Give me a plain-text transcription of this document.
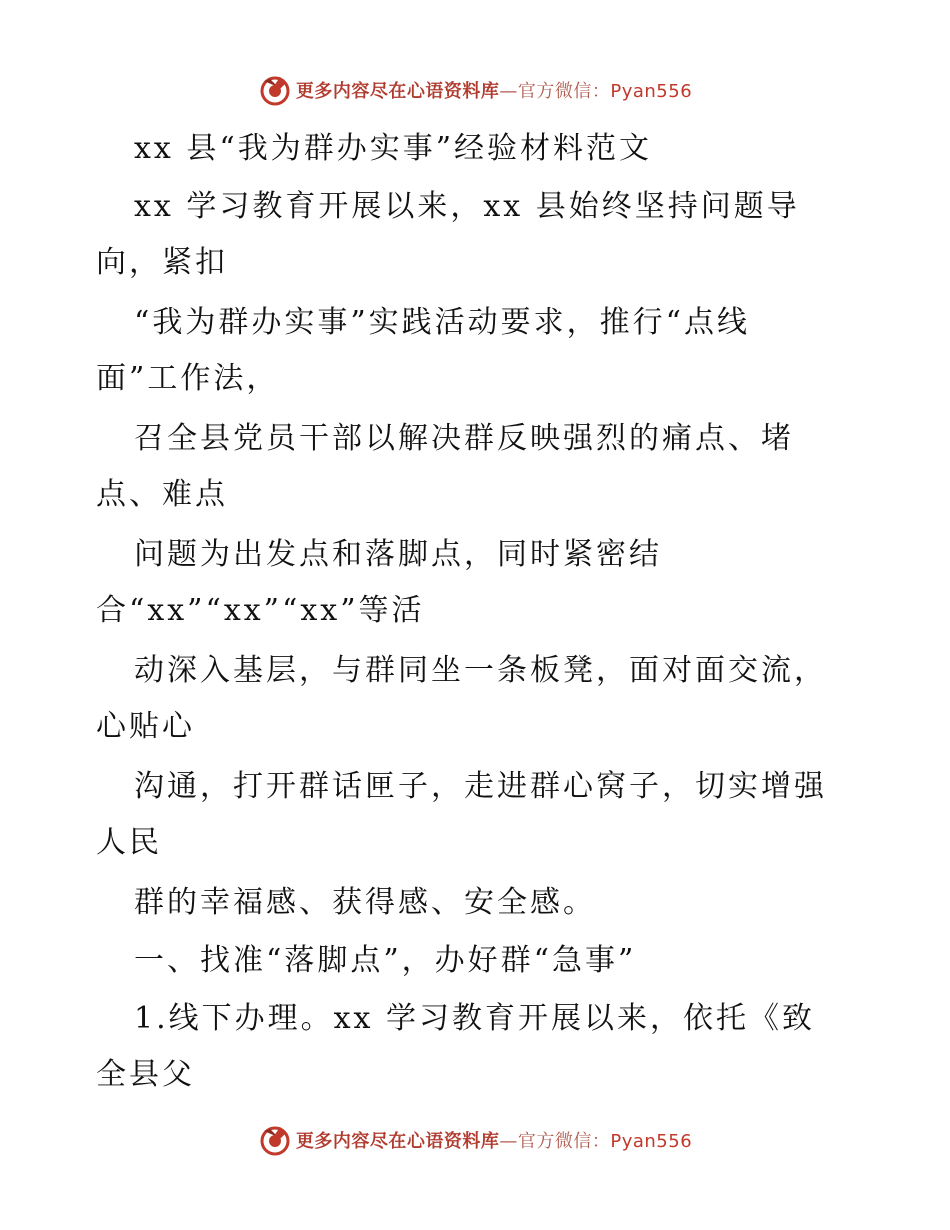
更多内容尽在心语资料库—官方微信：Pyan556
xx 县“我为群办实事”经验材料范文
xx 学习教育开展以来，xx 县始终坚持问题导
向，紧扣
“我为群办实事”实践活动要求，推行“点线
面”工作法，
召全县党员干部以解决群反映强烈的痛点、堵
点、难点
问题为出发点和落脚点，同时紧密结
合“xx”“xx”“xx”等活
动深入基层，与群同坐一条板凳，面对面交流，
心贴心
沟通，打开群话匣子，走进群心窝子，切实增强
人民
群的幸福感、获得感、安全感。
一、找准“落脚点”，办好群“急事”
1.线下办理。xx 学习教育开展以来，依托《致
全县父
更多内容尽在心语资料库—官方微信：Pyan556
